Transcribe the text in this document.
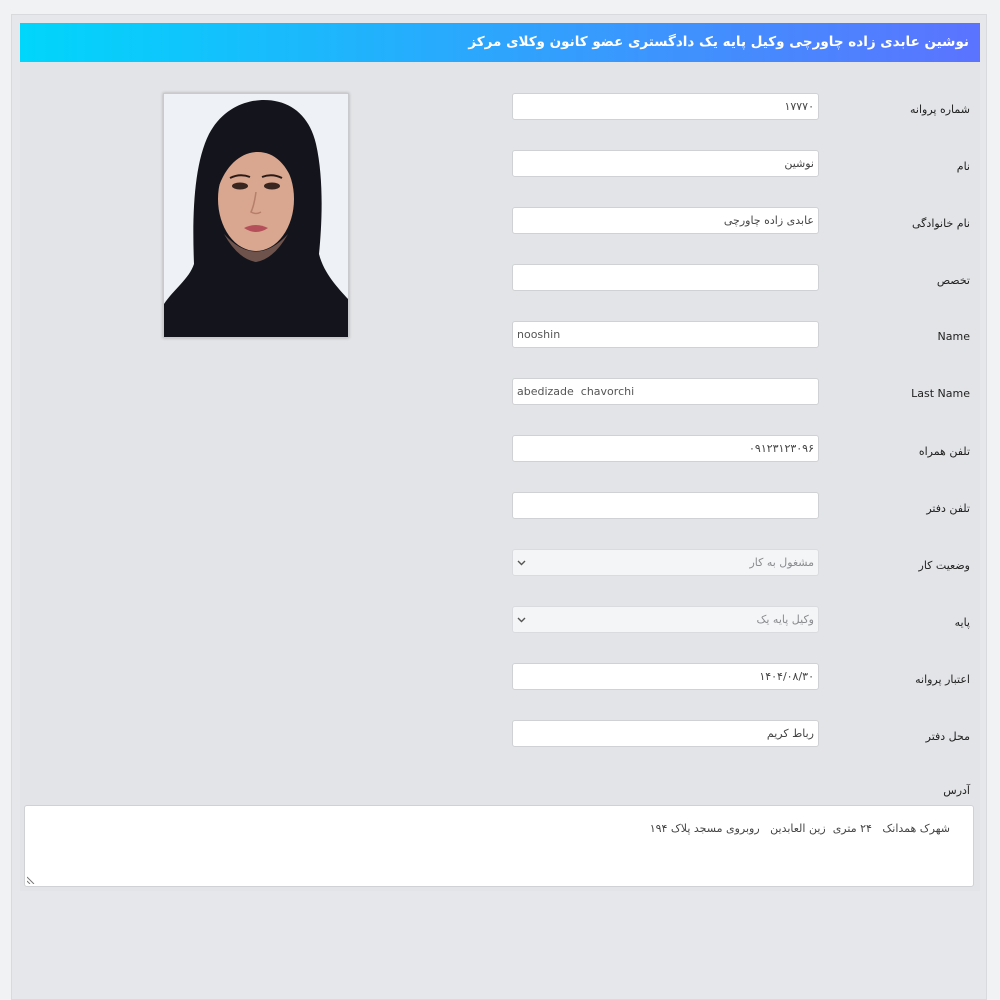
نوشین عابدی زاده چاورچی وکیل پایه یک دادگستری عضو کانون وکلای مرکز
شماره پروانه
۱۷۷۷۰
نام
نوشین
نام خانوادگی
عابدی زاده چاورچی
تخصص
Name
nooshin
Last Name
abedizade chavorchi
تلفن همراه
۰۹۱۲۳۱۲۳۰۹۶
تلفن دفتر
وضعیت کار
مشغول به کار
پایه
وکیل پایه یک
اعتبار پروانه
۱۴۰۴/۰۸/۳۰
محل دفتر
رباط کریم
آدرس

شهرک همدانک   ۲۴ متری  زین العابدین   روبروی مسجد پلاک ۱۹۴
